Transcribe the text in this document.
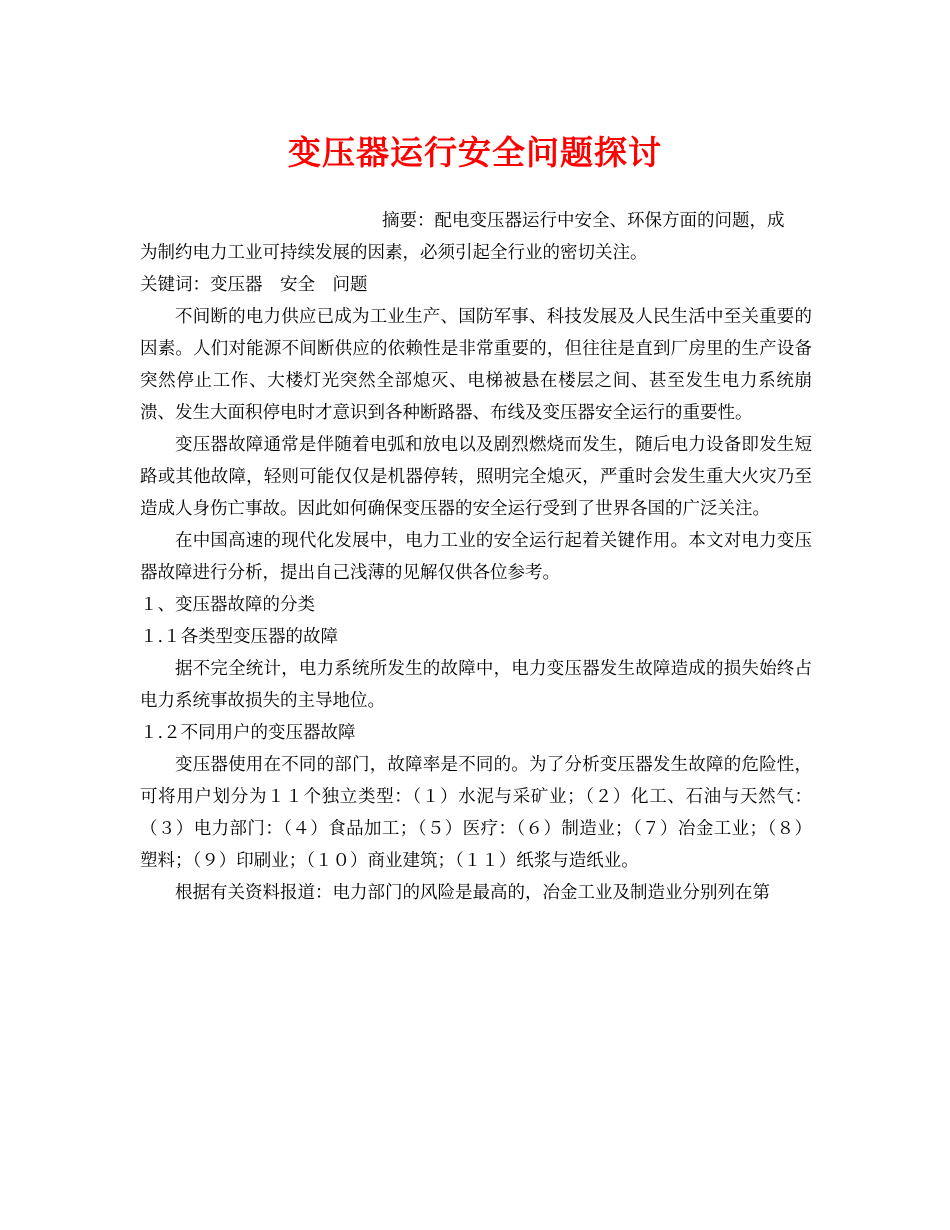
变压器运行安全问题探讨

摘要：配电变压器运行中安全、环保方面的问题，成

为制约电力工业可持续发展的因素，必须引起全行业的密切关注。

关键词：变压器　安全　问题

不间断的电力供应已成为工业生产、国防军事、科技发展及人民生活中至关重要的因素。人们对能源不间断供应的依赖性是非常重要的，但往往是直到厂房里的生产设备突然停止工作、大楼灯光突然全部熄灭、电梯被悬在楼层之间、甚至发生电力系统崩溃、发生大面积停电时才意识到各种断路器、布线及变压器安全运行的重要性。

变压器故障通常是伴随着电弧和放电以及剧烈燃烧而发生，随后电力设备即发生短路或其他故障，轻则可能仅仅是机器停转，照明完全熄灭，严重时会发生重大火灾乃至造成人身伤亡事故。因此如何确保变压器的安全运行受到了世界各国的广泛关注。

在中国高速的现代化发展中，电力工业的安全运行起着关键作用。本文对电力变压器故障进行分析，提出自己浅薄的见解仅供各位参考。

１、变压器故障的分类

１.１各类型变压器的故障

据不完全统计，电力系统所发生的故障中，电力变压器发生故障造成的损失始终占电力系统事故损失的主导地位。

１.２不同用户的变压器故障

变压器使用在不同的部门，故障率是不同的。为了分析变压器发生故障的危险性，可将用户划分为１１个独立类型：（１）水泥与采矿业；（２）化工、石油与天然气：（３）电力部门：（４）食品加工；（５）医疗：（６）制造业；（７）冶金工业；（８）塑料；（９）印刷业；（１０）商业建筑；（１１）纸浆与造纸业。

根据有关资料报道：电力部门的风险是最高的，冶金工业及制造业分别列在第
